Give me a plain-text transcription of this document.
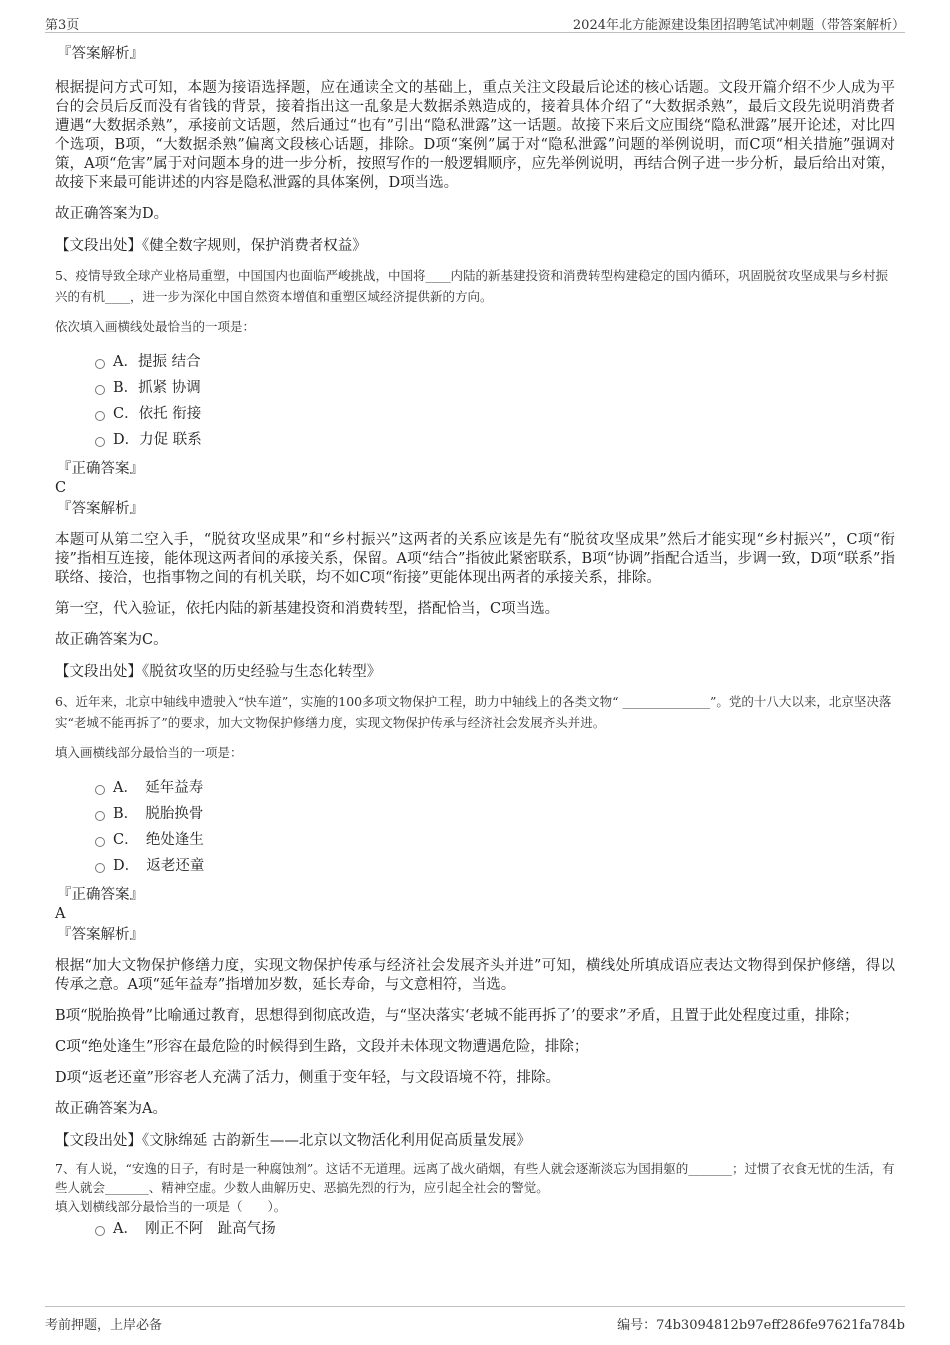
第3页	2024年北方能源建设集团招聘笔试冲刺题（带答案解析）
『答案解析』

根据提问方式可知，本题为接语选择题，应在通读全文的基础上，重点关注文段最后论述的核心话题。文段开篇介绍不少人成为平台的会员后反而没有省钱的背景，接着指出这一乱象是大数据杀熟造成的，接着具体介绍了“大数据杀熟”，最后文段先说明消费者遭遇“大数据杀熟”，承接前文话题，然后通过“也有”引出“隐私泄露”这一话题。故接下来后文应围绕“隐私泄露”展开论述，对比四个选项，B项，“大数据杀熟”偏离文段核心话题，排除。D项“案例”属于对“隐私泄露”问题的举例说明，而C项“相关措施”强调对策，A项“危害”属于对问题本身的进一步分析，按照写作的一般逻辑顺序，应先举例说明，再结合例子进一步分析，最后给出对策，故接下来最可能讲述的内容是隐私泄露的具体案例，D项当选。

故正确答案为D。

【文段出处】《健全数字规则，保护消费者权益》

5、疫情导致全球产业格局重塑，中国国内也面临严峻挑战，中国将____内陆的新基建投资和消费转型构建稳定的国内循环，巩固脱贫攻坚成果与乡村振兴的有机____，进一步为深化中国自然资本增值和重塑区域经济提供新的方向。

依次填入画横线处最恰当的一项是：

A．提振 结合
B．抓紧 协调
C．依托 衔接
D．力促 联系
『正确答案』

C

『答案解析』

本题可从第二空入手，“脱贫攻坚成果”和“乡村振兴”这两者的关系应该是先有“脱贫攻坚成果”然后才能实现“乡村振兴”，C项“衔接”指相互连接，能体现这两者间的承接关系，保留。A项“结合”指彼此紧密联系，B项“协调”指配合适当，步调一致，D项“联系”指联络、接洽，也指事物之间的有机关联，均不如C项“衔接”更能体现出两者的承接关系，排除。

第一空，代入验证，依托内陆的新基建投资和消费转型，搭配恰当，C项当选。

故正确答案为C。

【文段出处】《脱贫攻坚的历史经验与生态化转型》

6、近年来，北京中轴线申遗驶入“快车道”，实施的100多项文物保护工程，助力中轴线上的各类文物“ ______________”。党的十八大以来，北京坚决落实“老城不能再拆了”的要求，加大文物保护修缮力度，实现文物保护传承与经济社会发展齐头并进。

填入画横线部分最恰当的一项是：

A．　延年益寿
B．　脱胎换骨
C．　绝处逢生
D．　返老还童
『正确答案』

A

『答案解析』

根据“加大文物保护修缮力度，实现文物保护传承与经济社会发展齐头并进”可知，横线处所填成语应表达文物得到保护修缮，得以传承之意。A项“延年益寿”指增加岁数，延长寿命，与文意相符，当选。

B项“脱胎换骨”比喻通过教育，思想得到彻底改造，与“坚决落实‘老城不能再拆了’的要求”矛盾，且置于此处程度过重，排除；

C项“绝处逢生”形容在最危险的时候得到生路，文段并未体现文物遭遇危险，排除；

D项“返老还童”形容老人充满了活力，侧重于变年轻，与文段语境不符，排除。

故正确答案为A。

【文段出处】《文脉绵延 古韵新生——北京以文物活化利用促高质量发展》

7、有人说，“安逸的日子，有时是一种腐蚀剂”。这话不无道理。远离了战火硝烟，有些人就会逐渐淡忘为国捐躯的_______；过惯了衣食无忧的生活，有些人就会_______、精神空虚。少数人曲解历史、恶搞先烈的行为，应引起全社会的警觉。

填入划横线部分最恰当的一项是（　　）。

A．　刚正不阿　趾高气扬
考前押题，上岸必备	编号：74b3094812b97eff286fe97621fa784b
